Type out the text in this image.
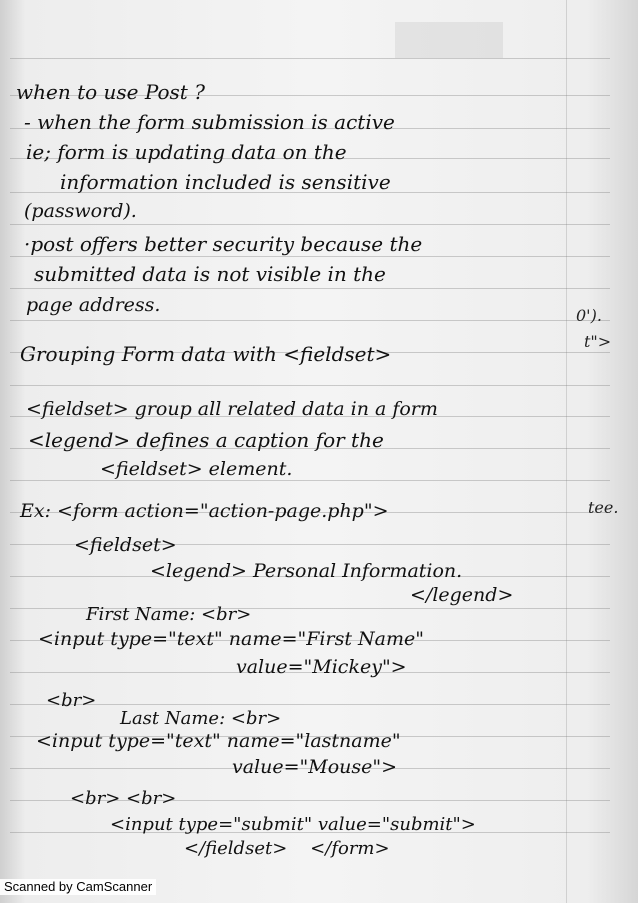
0').
t">
tee.
when to use Post ?
- when the form submission is active
ie; form is updating data on the
information included is sensitive
(password).
·post offers better security because the
submitted data is not visible in the
page address.
Grouping Form data with <fieldset>
<fieldset> group all related data in a form
<legend> defines a caption for the
<fieldset> element.
Ex: <form action="action-page.php">
<fieldset>
<legend> Personal Information.
</legend>
First Name: <br>
<input type="text" name="First Name"
value="Mickey">
<br>
Last Name: <br>
<input type="text" name="lastname"
value="Mouse">
<br> <br>
<input type="submit" value="submit">
</fieldset>    </form>
Scanned by CamScanner
